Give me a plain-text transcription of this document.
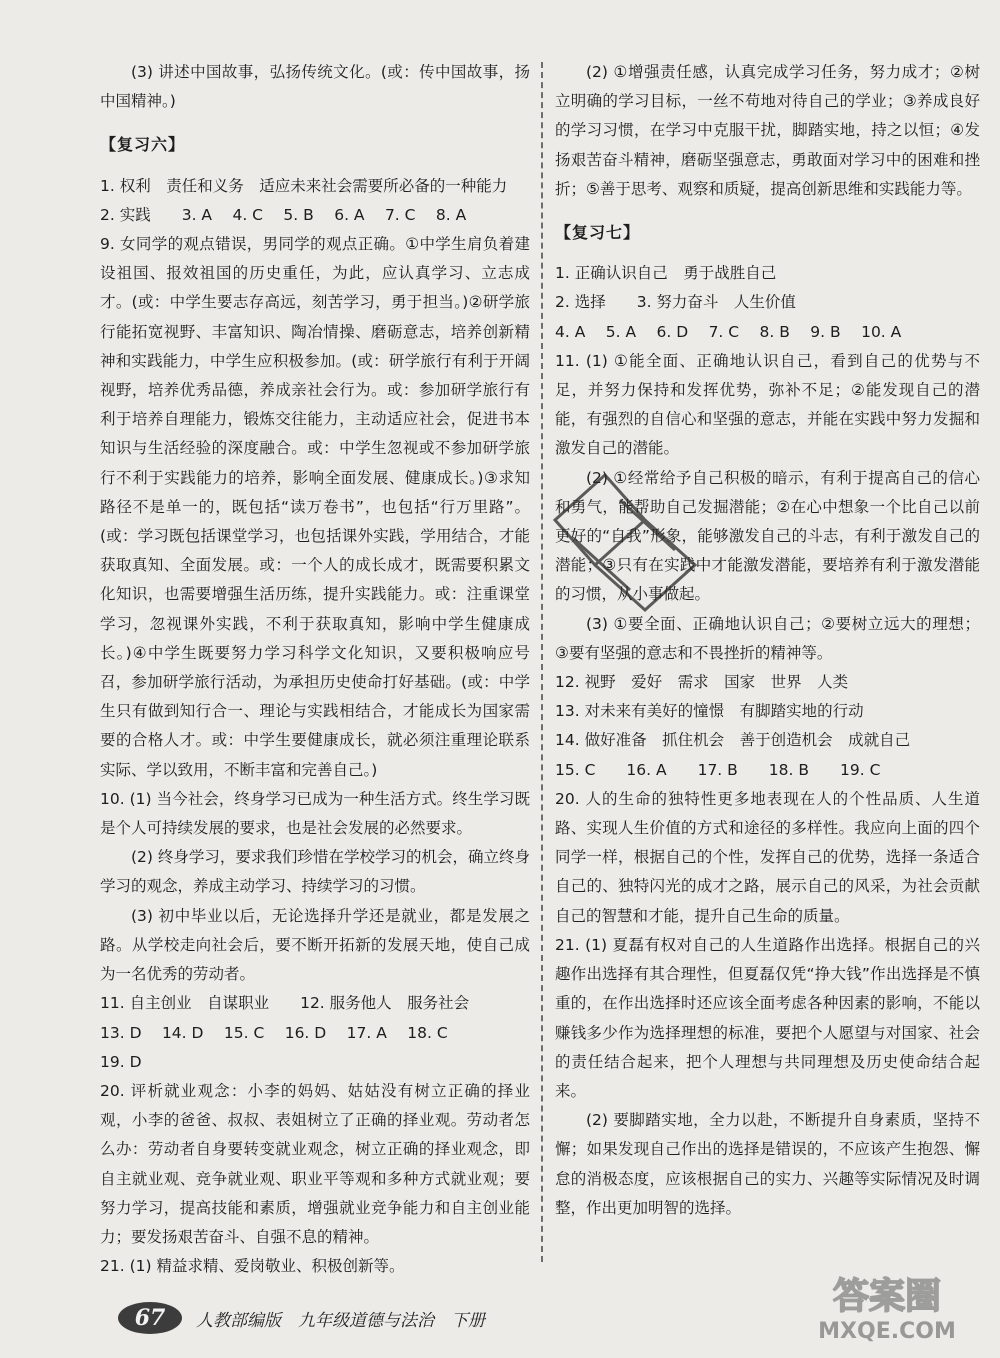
(3) 讲述中国故事，弘扬传统文化。(或：传中国故事，扬中国精神。)

【复习六】

1. 权利　责任和义务　适应未来社会需要所必备的一种能力

2. 实践　　3. A　 4. C　 5. B　 6. A　 7. C　 8. A

9. 女同学的观点错误，男同学的观点正确。①中学生肩负着建设祖国、报效祖国的历史重任，为此，应认真学习、立志成才。(或：中学生要志存高远，刻苦学习，勇于担当。)②研学旅行能拓宽视野、丰富知识、陶冶情操、磨砺意志，培养创新精神和实践能力，中学生应积极参加。(或：研学旅行有利于开阔视野，培养优秀品德，养成亲社会行为。或：参加研学旅行有利于培养自理能力，锻炼交往能力，主动适应社会，促进书本知识与生活经验的深度融合。或：中学生忽视或不参加研学旅行不利于实践能力的培养，影响全面发展、健康成长。)③求知路径不是单一的，既包括“读万卷书”，也包括“行万里路”。(或：学习既包括课堂学习，也包括课外实践，学用结合，才能获取真知、全面发展。或：一个人的成长成才，既需要积累文化知识，也需要增强生活历练，提升实践能力。或：注重课堂学习，忽视课外实践，不利于获取真知，影响中学生健康成长。)④中学生既要努力学习科学文化知识，又要积极响应号召，参加研学旅行活动，为承担历史使命打好基础。(或：中学生只有做到知行合一、理论与实践相结合，才能成长为国家需要的合格人才。或：中学生要健康成长，就必须注重理论联系实际、学以致用，不断丰富和完善自己。)

10. (1) 当今社会，终身学习已成为一种生活方式。终生学习既是个人可持续发展的要求，也是社会发展的必然要求。

(2) 终身学习，要求我们珍惜在学校学习的机会，确立终身学习的观念，养成主动学习、持续学习的习惯。

(3) 初中毕业以后，无论选择升学还是就业，都是发展之路。从学校走向社会后，要不断开拓新的发展天地，使自己成为一名优秀的劳动者。

11. 自主创业　自谋职业　　12. 服务他人　服务社会

13. D　 14. D　 15. C　 16. D　 17. A　 18. C

19. D

20. 评析就业观念：小李的妈妈、姑姑没有树立正确的择业观，小李的爸爸、叔叔、表姐树立了正确的择业观。劳动者怎么办：劳动者自身要转变就业观念，树立正确的择业观念，即自主就业观、竞争就业观、职业平等观和多种方式就业观；要努力学习，提高技能和素质，增强就业竞争能力和自主创业能力；要发扬艰苦奋斗、自强不息的精神。

21. (1) 精益求精、爱岗敬业、积极创新等。

(2) ①增强责任感，认真完成学习任务，努力成才；②树立明确的学习目标，一丝不苟地对待自己的学业；③养成良好的学习习惯，在学习中克服干扰，脚踏实地，持之以恒；④发扬艰苦奋斗精神，磨砺坚强意志，勇敢面对学习中的困难和挫折；⑤善于思考、观察和质疑，提高创新思维和实践能力等。

【复习七】

1. 正确认识自己　勇于战胜自己

2. 选择　　3. 努力奋斗　人生价值

4. A　 5. A　 6. D　 7. C　 8. B　 9. B　 10. A

11. (1) ①能全面、正确地认识自己，看到自己的优势与不足，并努力保持和发挥优势，弥补不足；②能发现自己的潜能，有强烈的自信心和坚强的意志，并能在实践中努力发掘和激发自己的潜能。

(2) ①经常给予自己积极的暗示，有利于提高自己的信心和勇气，能帮助自己发掘潜能；②在心中想象一个比自己以前更好的“自我”形象，能够激发自己的斗志，有利于激发自己的潜能；③只有在实践中才能激发潜能，要培养有利于激发潜能的习惯，从小事做起。

(3) ①要全面、正确地认识自己；②要树立远大的理想；③要有坚强的意志和不畏挫折的精神等。

12. 视野　爱好　需求　国家　世界　人类

13. 对未来有美好的憧憬　有脚踏实地的行动

14. 做好准备　抓住机会　善于创造机会　成就自己

15. C　　16. A　　17. B　　18. B　　19. C

20. 人的生命的独特性更多地表现在人的个性品质、人生道路、实现人生价值的方式和途径的多样性。我应向上面的四个同学一样，根据自己的个性，发挥自己的优势，选择一条适合自己的、独特闪光的成才之路，展示自己的风采，为社会贡献自己的智慧和才能，提升自己生命的质量。

21. (1) 夏磊有权对自己的人生道路作出选择。根据自己的兴趣作出选择有其合理性，但夏磊仅凭“挣大钱”作出选择是不慎重的，在作出选择时还应该全面考虑各种因素的影响，不能以赚钱多少作为选择理想的标准，要把个人愿望与对国家、社会的责任结合起来，把个人理想与共同理想及历史使命结合起来。

(2) 要脚踏实地，全力以赴，不断提升自身素质，坚持不懈；如果发现自己作出的选择是错误的，不应该产生抱怨、懈怠的消极态度，应该根据自己的实力、兴趣等实际情况及时调整，作出更加明智的选择。

67	人教部编版　九年级道德与法治　下册
答案圈
MXQE.COM
